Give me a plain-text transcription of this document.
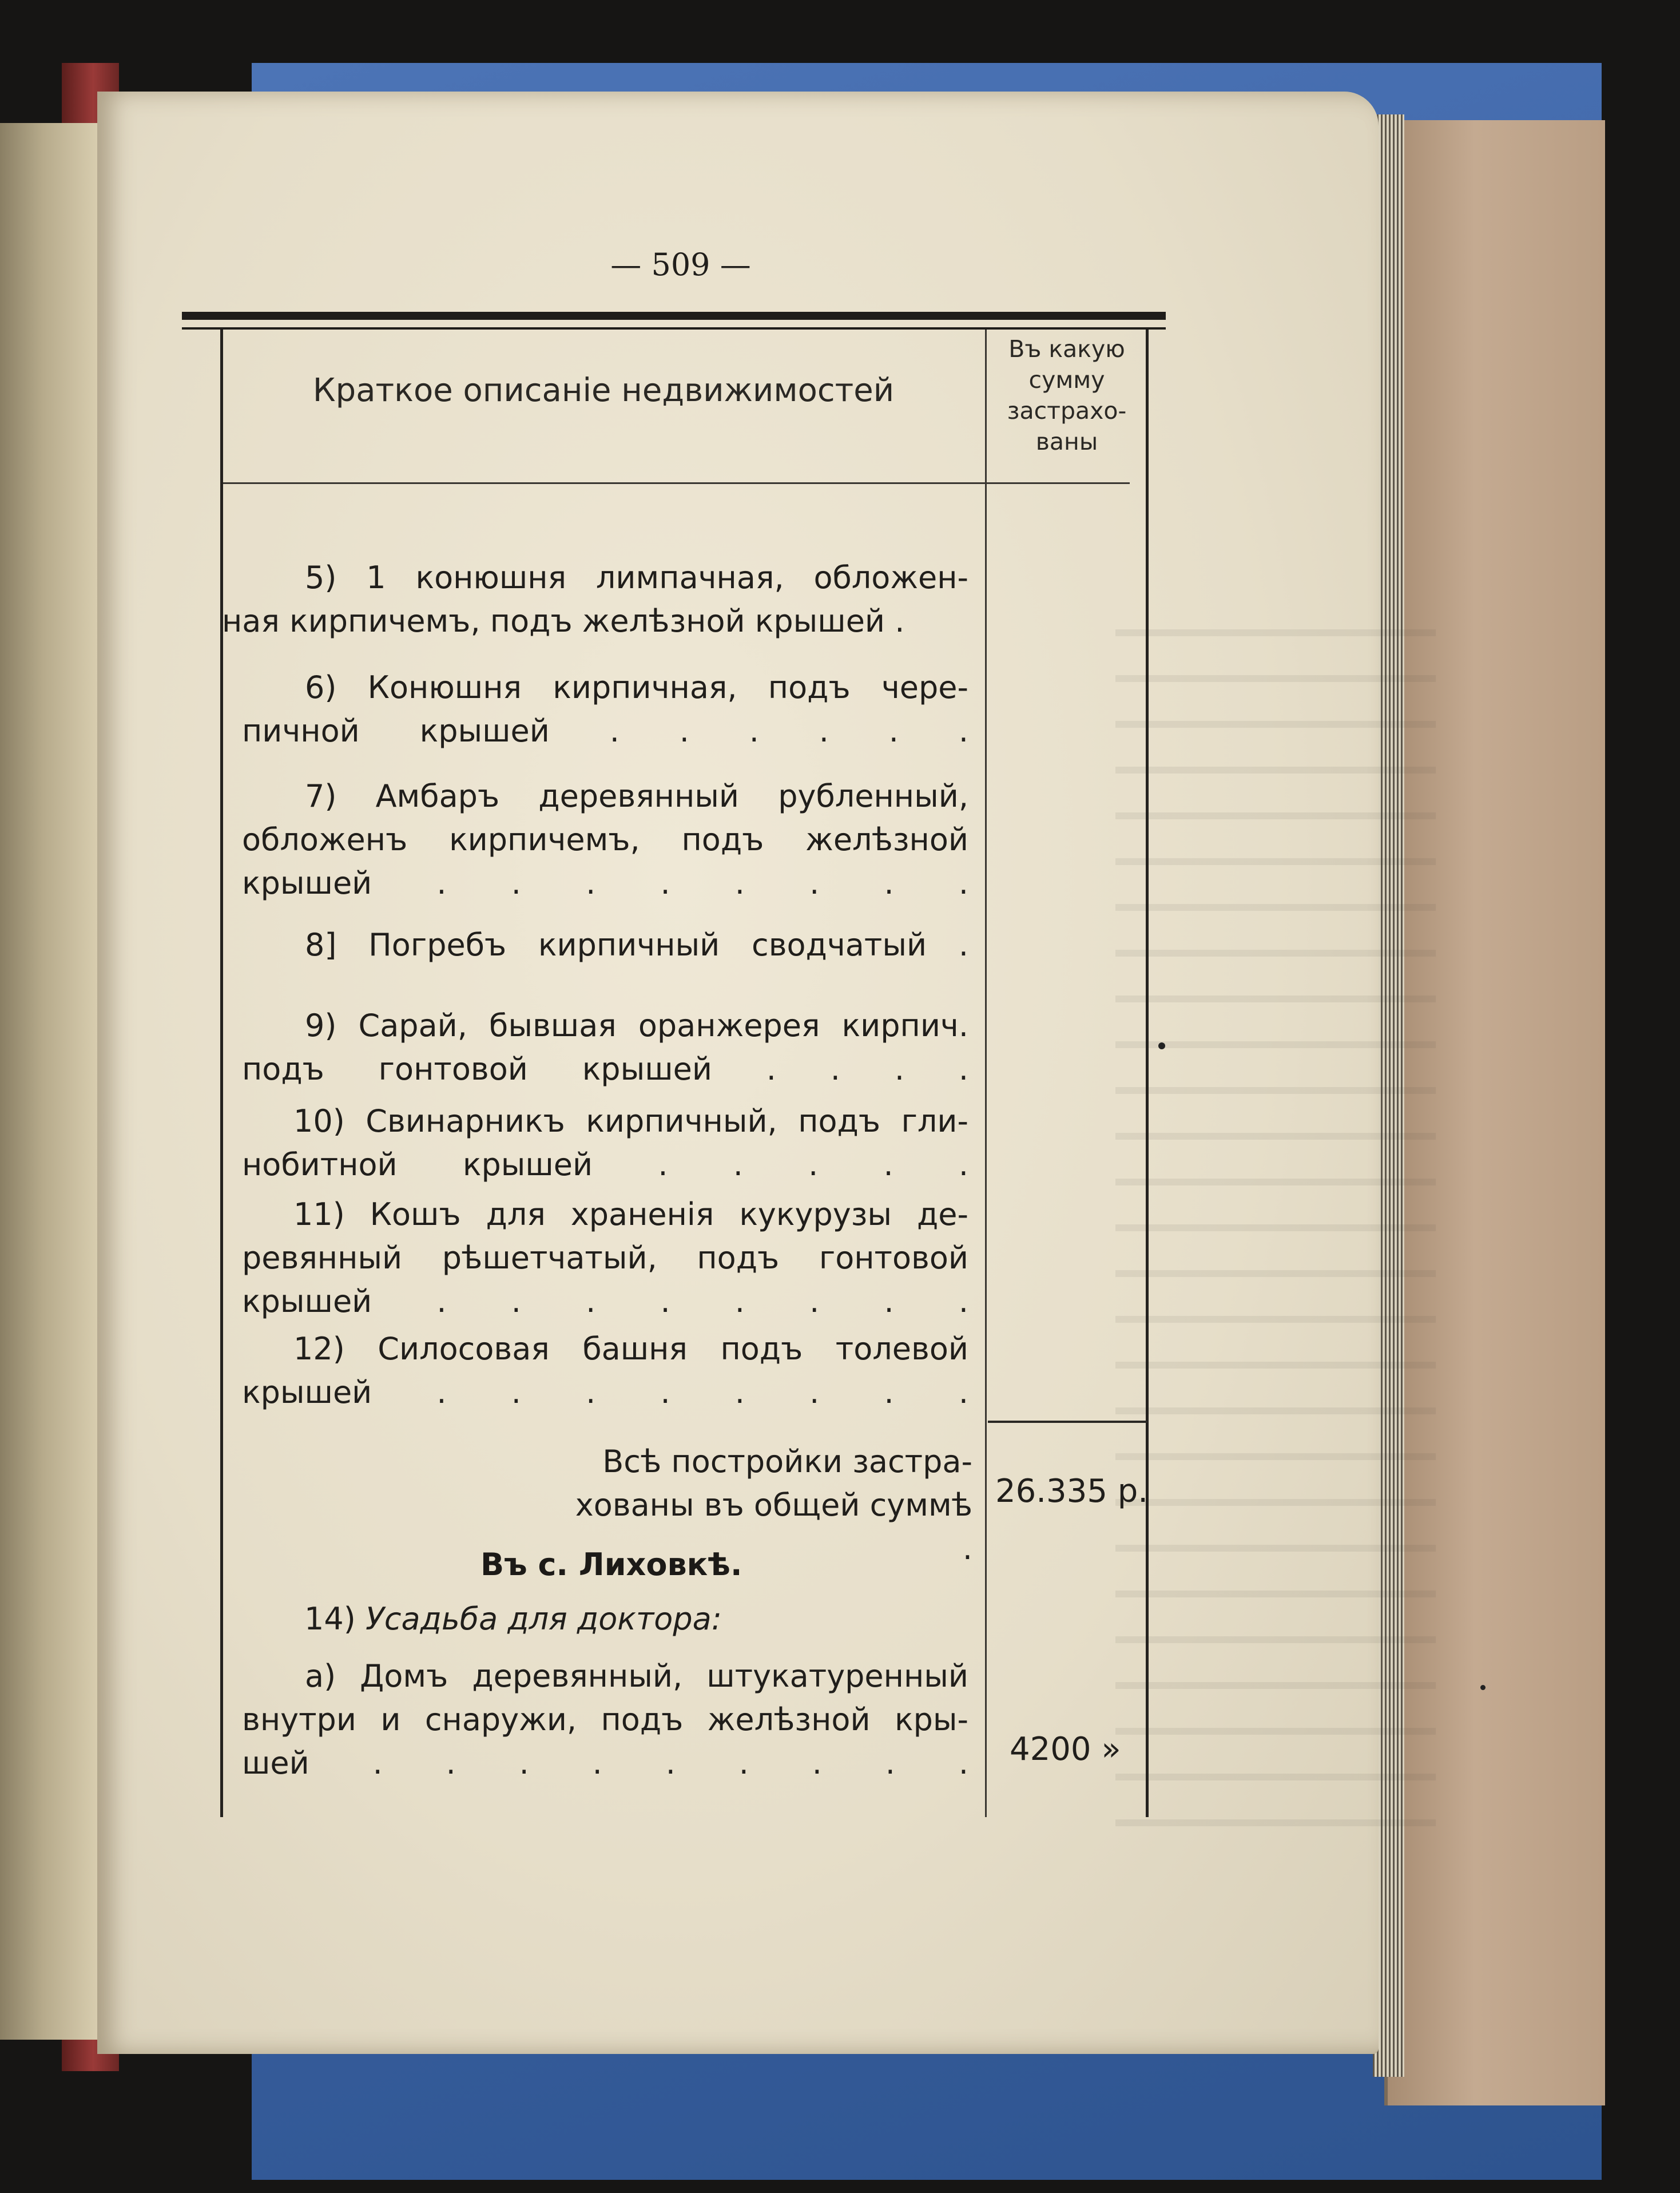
— 509 —
Краткое описаніе недвижимостей
Въ какую
сумму
застрахо-
ваны
5) 1 конюшня лимпачная, обложен-
ная кирпичемъ, подъ желѣзной крышей .
6) Конюшня кирпичная, подъ чере-
пичной крышей . . . . . .
7) Амбаръ деревянный рубленный,
обложенъ кирпичемъ, подъ желѣзной
крышей . . . . . . . .
8] Погребъ кирпичный сводчатый .
9) Сарай, бывшая оранжерея кирпич.
подъ гонтовой крышей . . . .
10) Свинарникъ кирпичный, подъ гли-
нобитной крышей . . . . .
11) Кошъ для храненія кукурузы де-
ревянный рѣшетчатый, подъ гонтовой
крышей . . . . . . . .
12) Силосовая башня подъ толевой
крышей . . . . . . . .
Всѣ постройки застра-
хованы въ общей суммѣ .
26.335 р.
Въ с. Лиховкѣ.
14) Усадьба для доктора:
а) Домъ деревянный, штукатуренный
внутри и снаружи, подъ желѣзной кры-
шей . . . . . . . . . 4200 »
